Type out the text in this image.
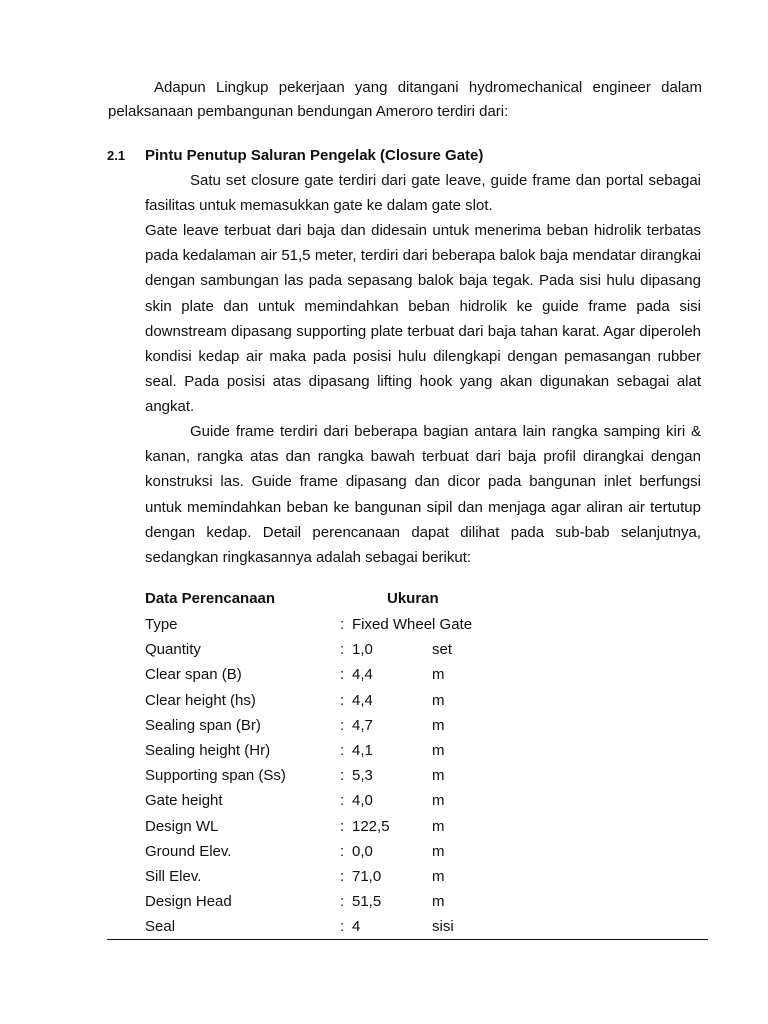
Adapun Lingkup pekerjaan yang ditangani hydromechanical engineer dalam pelaksanaan pembangunan bendungan Ameroro terdiri dari:
2.1 Pintu Penutup Saluran Pengelak (Closure Gate)
Satu set closure gate terdiri dari gate leave, guide frame dan portal sebagai fasilitas untuk memasukkan gate ke dalam gate slot.
Gate leave terbuat dari baja dan didesain untuk menerima beban hidrolik terbatas pada kedalaman air 51,5 meter, terdiri dari beberapa balok baja mendatar dirangkai dengan sambungan las pada sepasang balok baja tegak. Pada sisi hulu dipasang skin plate dan untuk memindahkan beban hidrolik ke guide frame pada sisi downstream dipasang supporting plate terbuat dari baja tahan karat. Agar diperoleh kondisi kedap air maka pada posisi hulu dilengkapi dengan pemasangan rubber seal. Pada posisi atas dipasang lifting hook yang akan digunakan sebagai alat angkat.
Guide frame terdiri dari beberapa bagian antara lain rangka samping kiri & kanan, rangka atas dan rangka bawah terbuat dari baja profil dirangkai dengan konstruksi las. Guide frame dipasang dan dicor pada bangunan inlet berfungsi untuk memindahkan beban ke bangunan sipil dan menjaga agar aliran air tertutup dengan kedap. Detail perencanaan dapat dilihat pada sub-bab selanjutnya, sedangkan ringkasannya adalah sebagai berikut:
Data Perencanaan	Ukuran
Type	: Fixed Wheel Gate
Quantity	: 1,0	set
Clear span (B)	: 4,4	m
Clear height (hs)	: 4,4	m
Sealing span (Br)	: 4,7	m
Sealing height (Hr)	: 4,1	m
Supporting span (Ss)	: 5,3	m
Gate height	: 4,0	m
Design WL	: 122,5	m
Ground Elev.	: 0,0	m
Sill Elev.	: 71,0	m
Design Head	: 51,5	m
Seal	: 4	sisi
